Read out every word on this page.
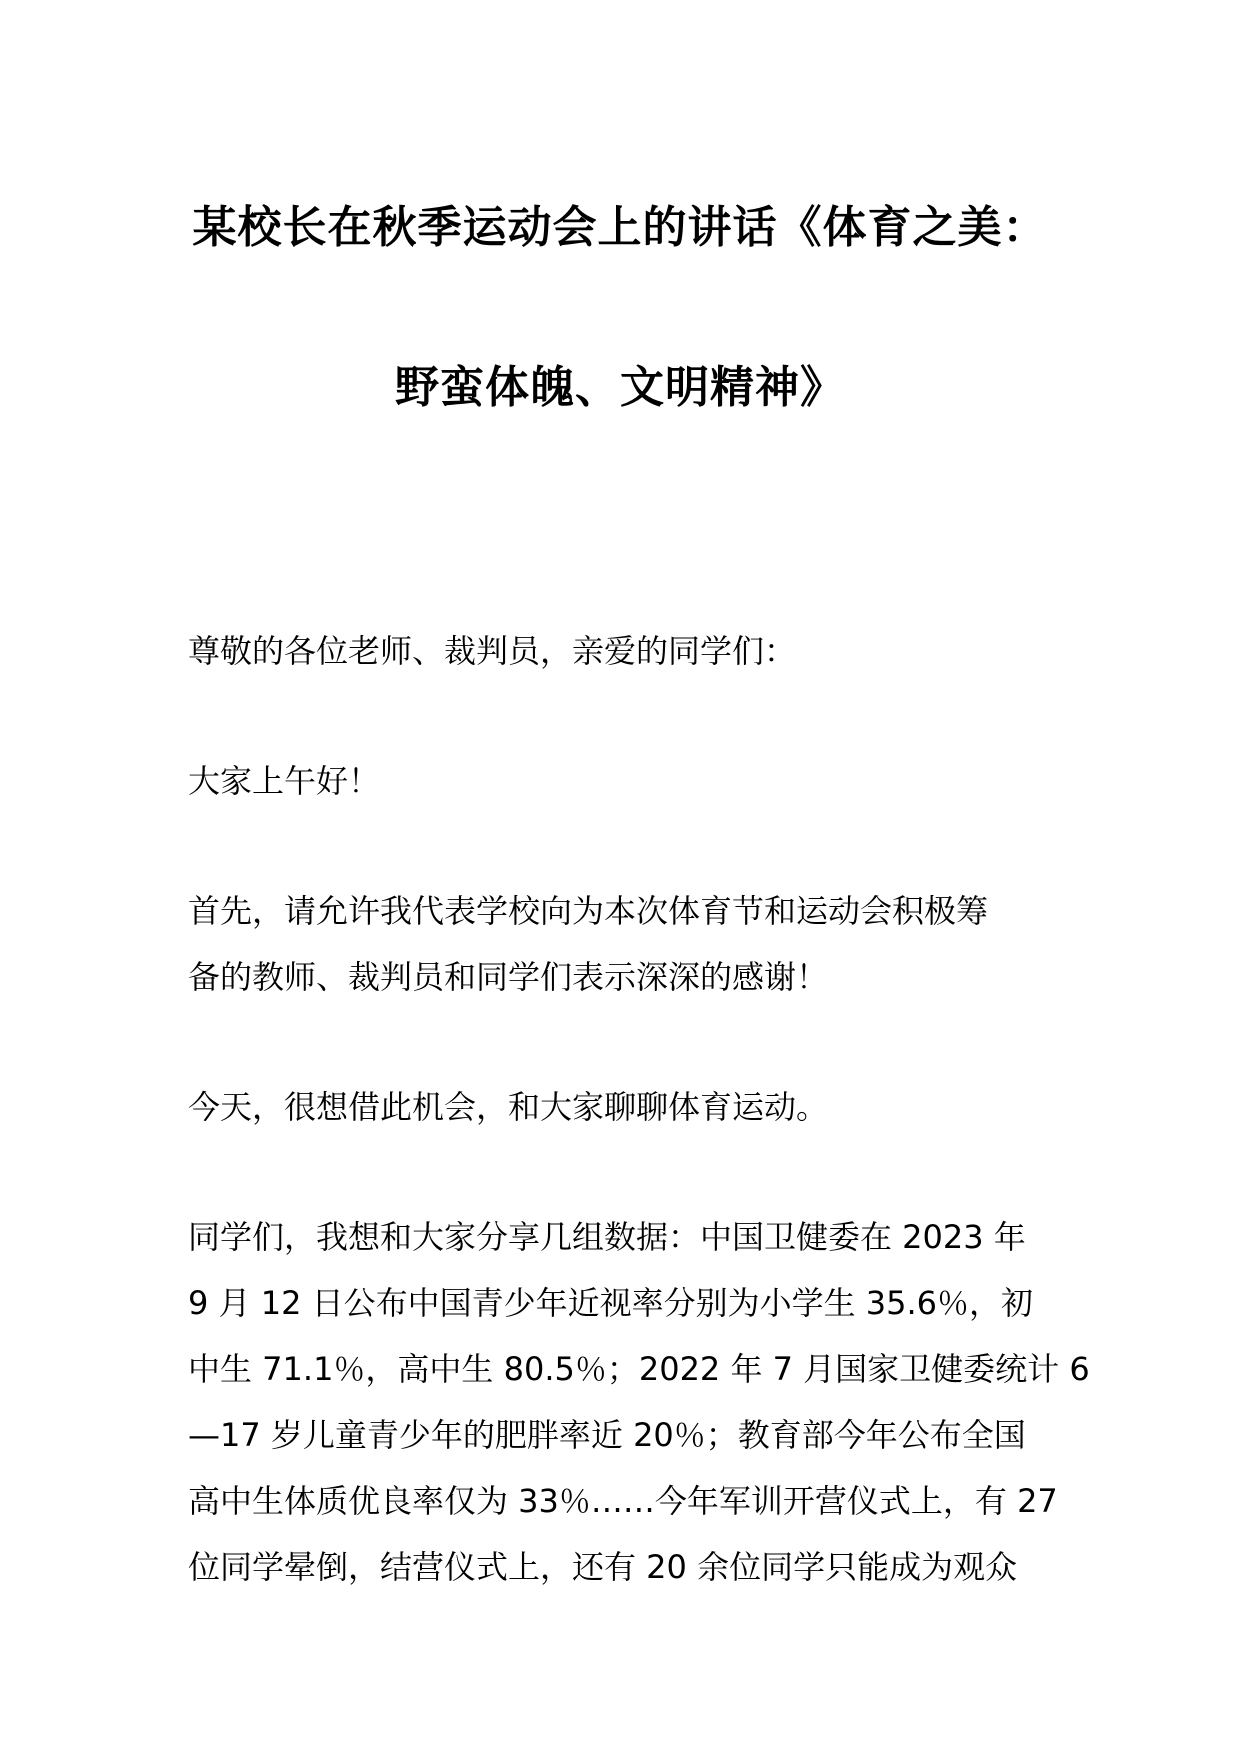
某校长在秋季运动会上的讲话《体育之美：
野蛮体魄、文明精神》

尊敬的各位老师、裁判员，亲爱的同学们：

大家上午好！

首先，请允许我代表学校向为本次体育节和运动会积极筹
备的教师、裁判员和同学们表示深深的感谢！

今天，很想借此机会，和大家聊聊体育运动。

同学们，我想和大家分享几组数据：中国卫健委在 2023 年
9 月 12 日公布中国青少年近视率分别为小学生 35.6％，初
中生 71.1％，高中生 80.5％；2022 年 7 月国家卫健委统计 6
—17 岁儿童青少年的肥胖率近 20％；教育部今年公布全国
高中生体质优良率仅为 33％……今年军训开营仪式上，有 27
位同学晕倒，结营仪式上，还有 20 余位同学只能成为观众
